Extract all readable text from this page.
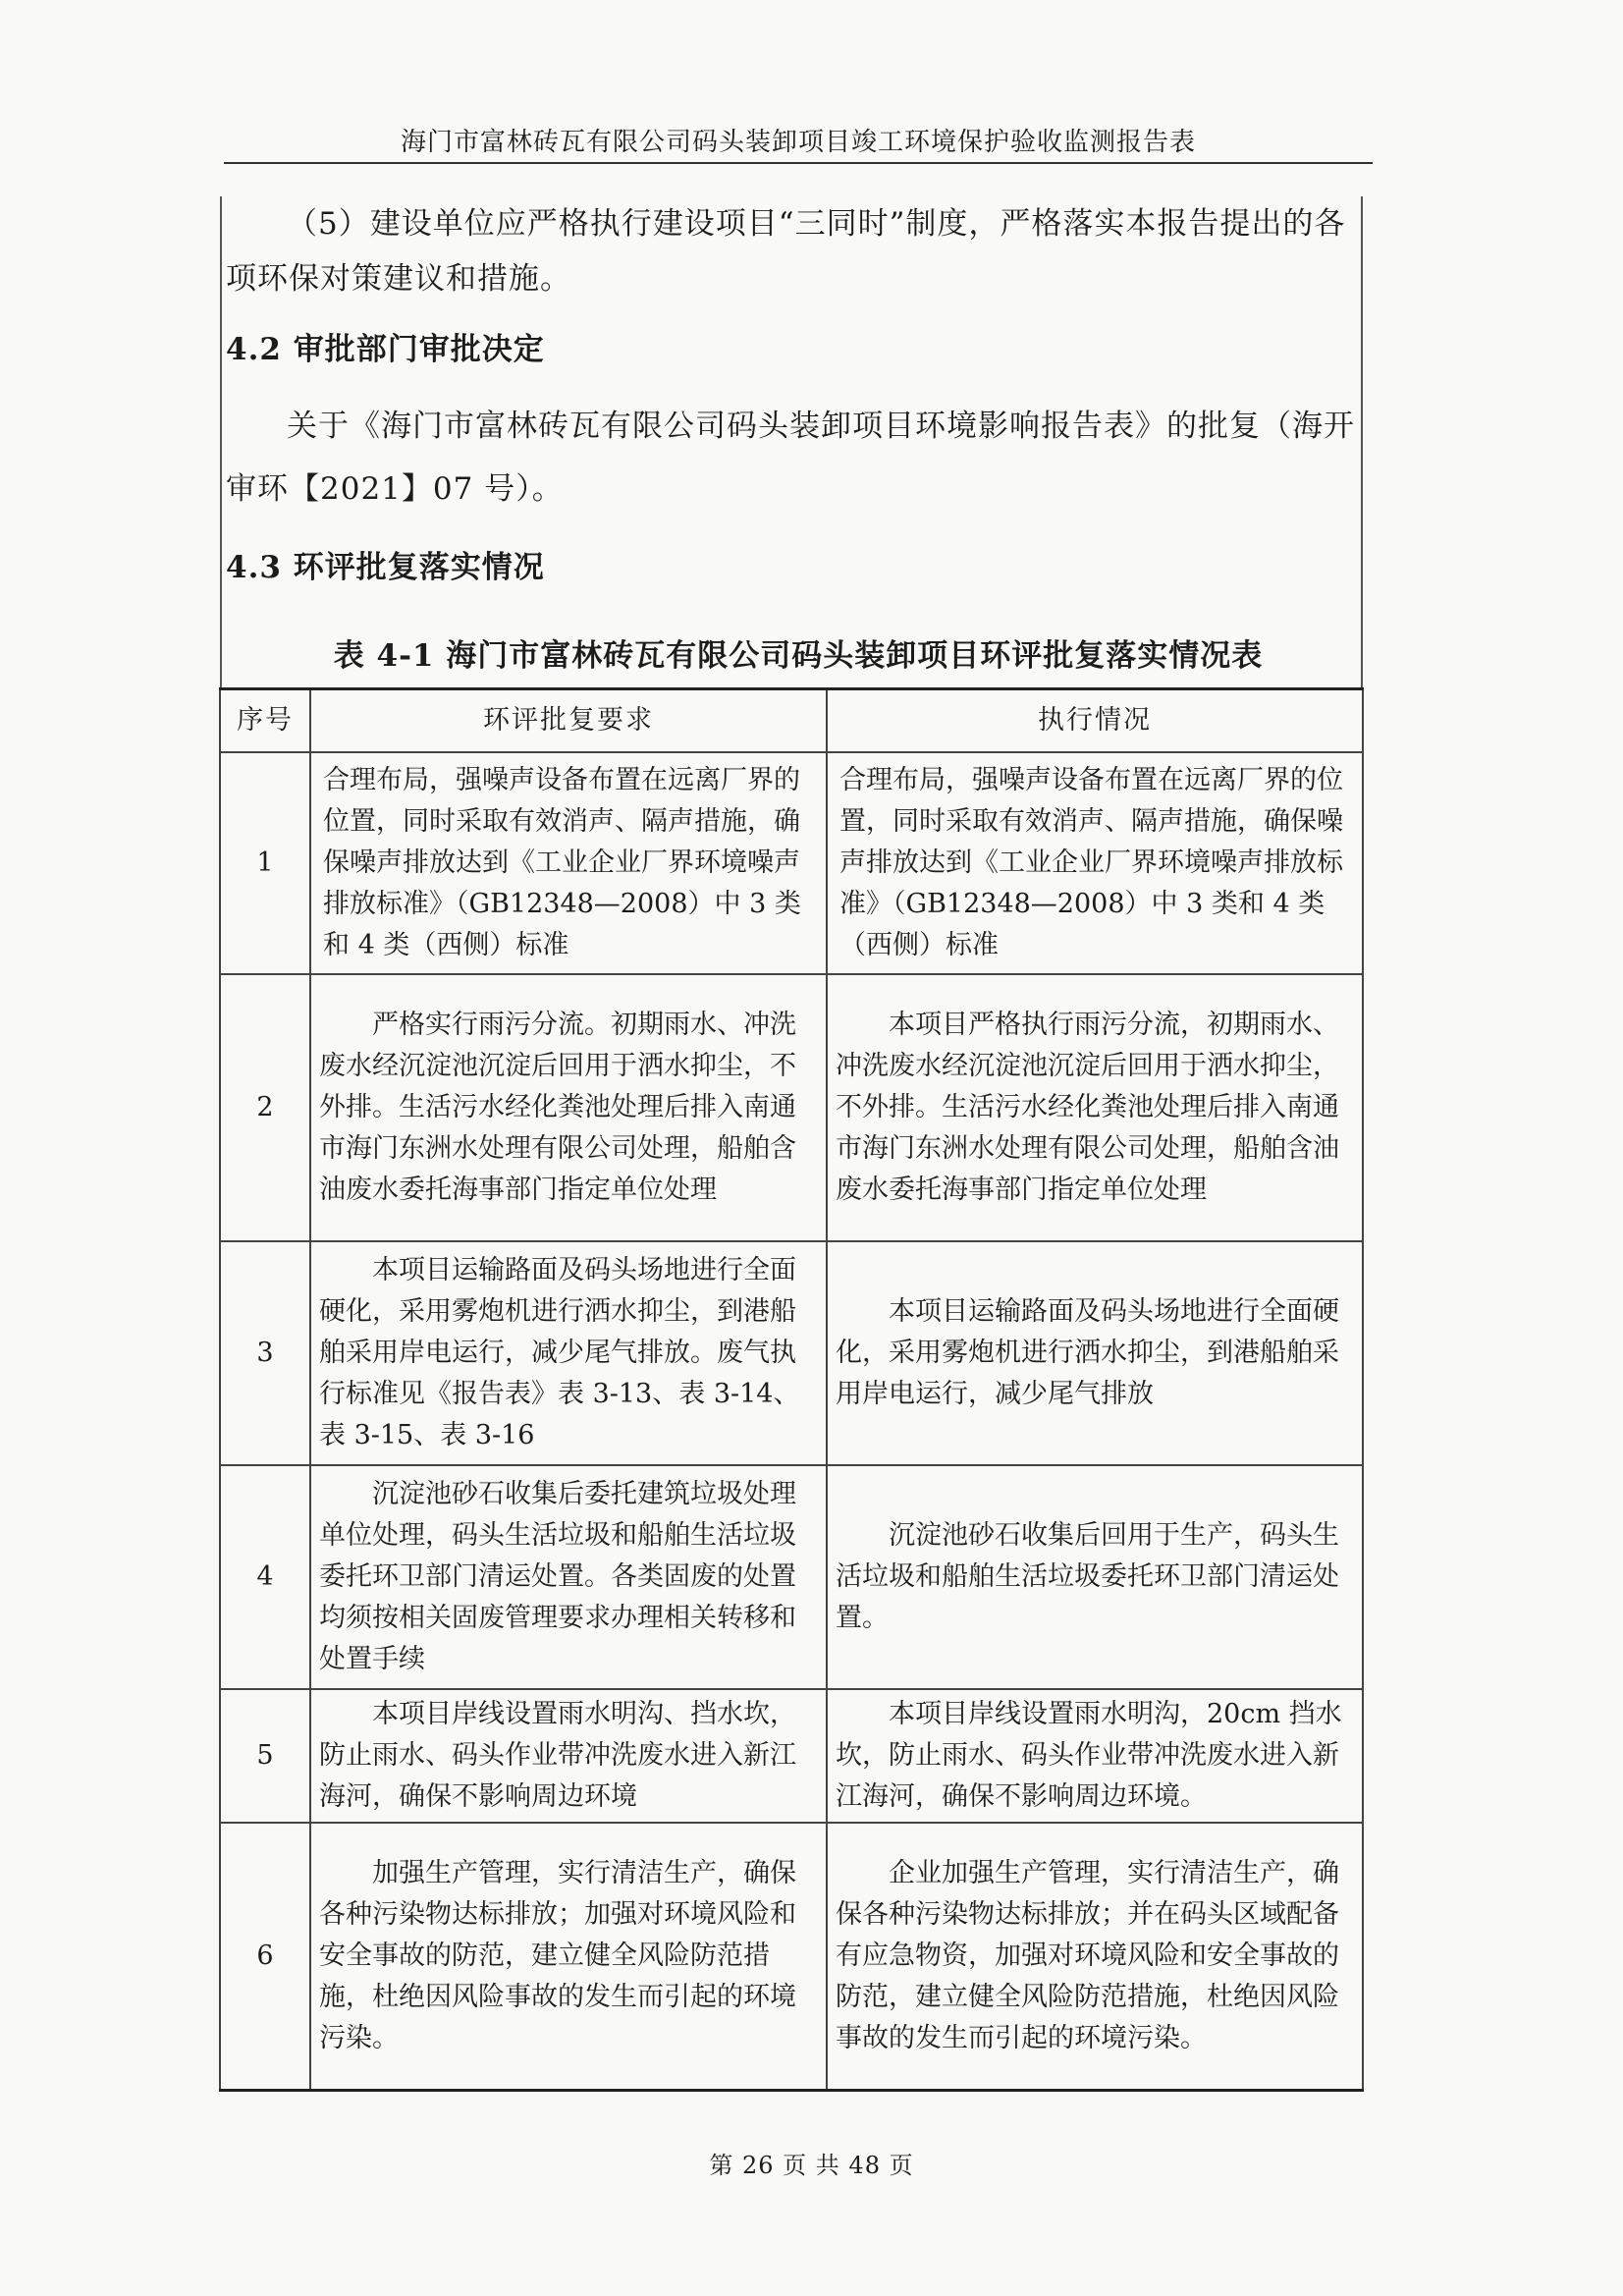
海门市富林砖瓦有限公司码头装卸项目竣工环境保护验收监测报告表

（5）建设单位应严格执行建设项目“三同时”制度，严格落实本报告提出的各项环保对策建议和措施。

4.2 审批部门审批决定

关于《海门市富林砖瓦有限公司码头装卸项目环境影响报告表》的批复（海开审环【2021】07 号）。

4.3 环评批复落实情况
表 4-1 海门市富林砖瓦有限公司码头装卸项目环评批复落实情况表
序号	环评批复要求	执行情况
1	合理布局，强噪声设备布置在远离厂界的位置，同时采取有效消声、隔声措施，确保噪声排放达到《工业企业厂界环境噪声排放标准》（GB12348—2008）中 3 类和 4 类（西侧）标准	合理布局，强噪声设备布置在远离厂界的位置，同时采取有效消声、隔声措施，确保噪声排放达到《工业企业厂界环境噪声排放标准》（GB12348—2008）中 3 类和 4 类（西侧）标准
2	严格实行雨污分流。初期雨水、冲洗废水经沉淀池沉淀后回用于洒水抑尘，不外排。生活污水经化粪池处理后排入南通市海门东洲水处理有限公司处理，船舶含油废水委托海事部门指定单位处理	本项目严格执行雨污分流，初期雨水、冲洗废水经沉淀池沉淀后回用于洒水抑尘，不外排。生活污水经化粪池处理后排入南通市海门东洲水处理有限公司处理，船舶含油废水委托海事部门指定单位处理
3	本项目运输路面及码头场地进行全面硬化，采用雾炮机进行洒水抑尘，到港船舶采用岸电运行，减少尾气排放。废气执行标准见《报告表》表 3-13、表 3-14、表 3-15、表 3-16	本项目运输路面及码头场地进行全面硬化，采用雾炮机进行洒水抑尘，到港船舶采用岸电运行，减少尾气排放
4	沉淀池砂石收集后委托建筑垃圾处理单位处理，码头生活垃圾和船舶生活垃圾委托环卫部门清运处置。各类固废的处置均须按相关固废管理要求办理相关转移和处置手续	沉淀池砂石收集后回用于生产，码头生活垃圾和船舶生活垃圾委托环卫部门清运处置。
5	本项目岸线设置雨水明沟、挡水坎，防止雨水、码头作业带冲洗废水进入新江海河，确保不影响周边环境	本项目岸线设置雨水明沟，20cm 挡水坎，防止雨水、码头作业带冲洗废水进入新江海河，确保不影响周边环境。
6	加强生产管理，实行清洁生产，确保各种污染物达标排放；加强对环境风险和安全事故的防范，建立健全风险防范措施，杜绝因风险事故的发生而引起的环境污染。	企业加强生产管理，实行清洁生产，确保各种污染物达标排放；并在码头区域配备有应急物资，加强对环境风险和安全事故的防范，建立健全风险防范措施，杜绝因风险事故的发生而引起的环境污染。
第 26 页 共 48 页
